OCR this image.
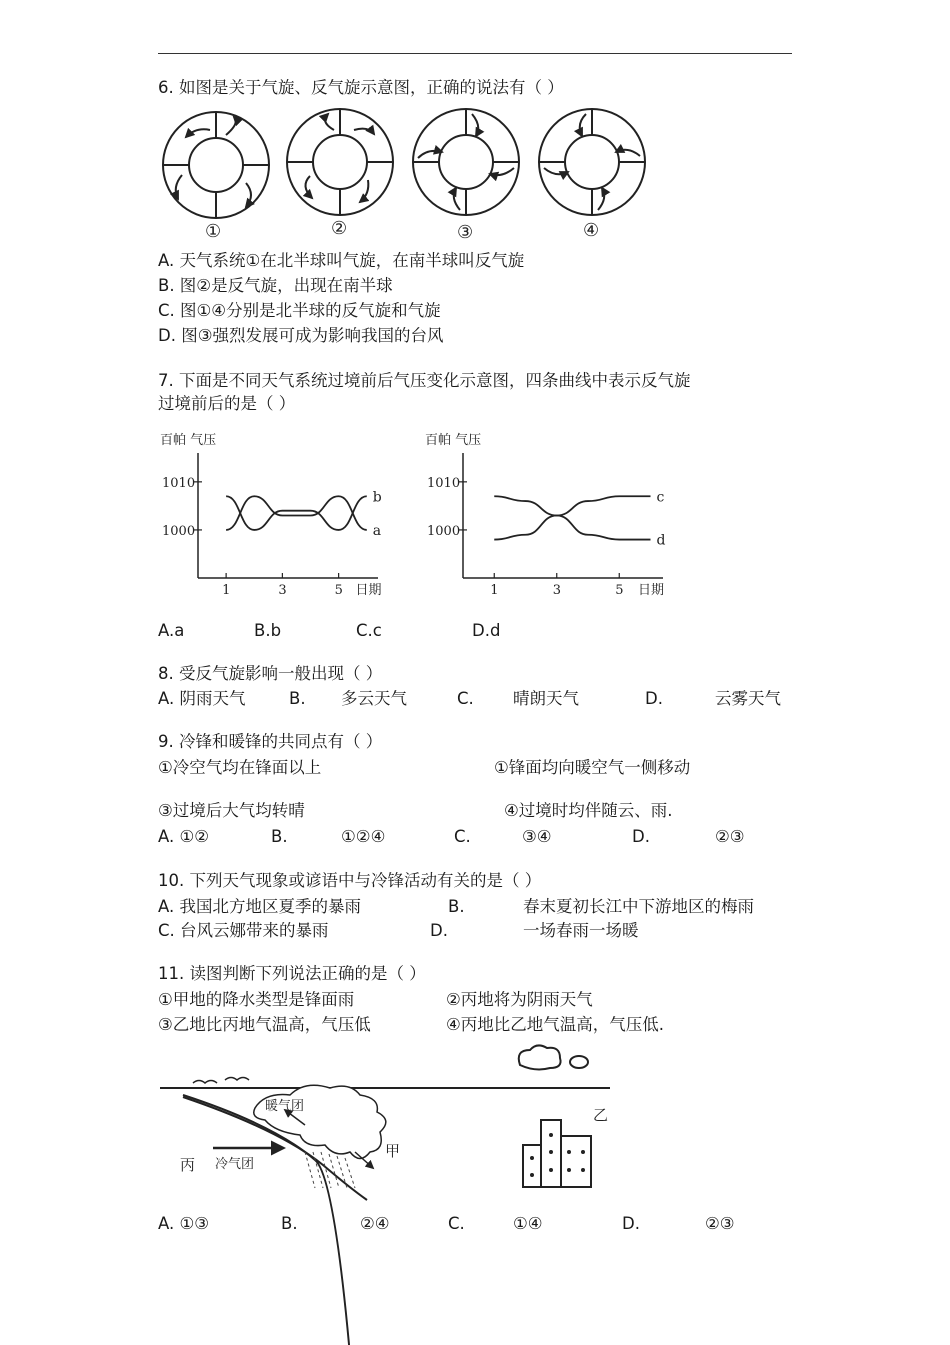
6. 如图是关于气旋、反气旋示意图，正确的说法有（ ）
①	②	③	④
A. 天气系统①在北半球叫气旋，在南半球叫反气旋
B. 图②是反气旋，出现在南半球
C. 图①④分别是北半球的反气旋和气旋
D. 图③强烈发展可成为影响我国的台风
7. 下面是不同天气系统过境前后气压变化示意图，四条曲线中表示反气旋
过境前后的是（ ）
百帕 气压
日期
1010
1000
1	3	5
a
b
百帕 气压
日期
1010
1000
1	3	5
c
d
A.a	B.b	C.c	D.d
8. 受反气旋影响一般出现（ ）
A. 阴雨天气	B. 多云天气	C. 晴朗天气	D.	云雾天气
9. 冷锋和暖锋的共同点有（ ）
①冷空气均在锋面以上	①锋面均向暖空气一侧移动
③过境后大气均转晴	④过境时均伴随云、雨.
A. ①②	B.	①②④	C.	③④	D.	②③
10. 下列天气现象或谚语中与冷锋活动有关的是（ ）
A. 我国北方地区夏季的暴雨	B.	春末夏初长江中下游地区的梅雨
C. 台风云娜带来的暴雨	D.	一场春雨一场暖
11. 读图判断下列说法正确的是（ ）
①甲地的降水类型是锋面雨	②丙地将为阴雨天气
③乙地比丙地气温高，气压低	④丙地比乙地气温高，气压低.
暖气团
冷气团
丙
甲
乙
A. ①③	B.	②④	C.	①④	D.	②③
